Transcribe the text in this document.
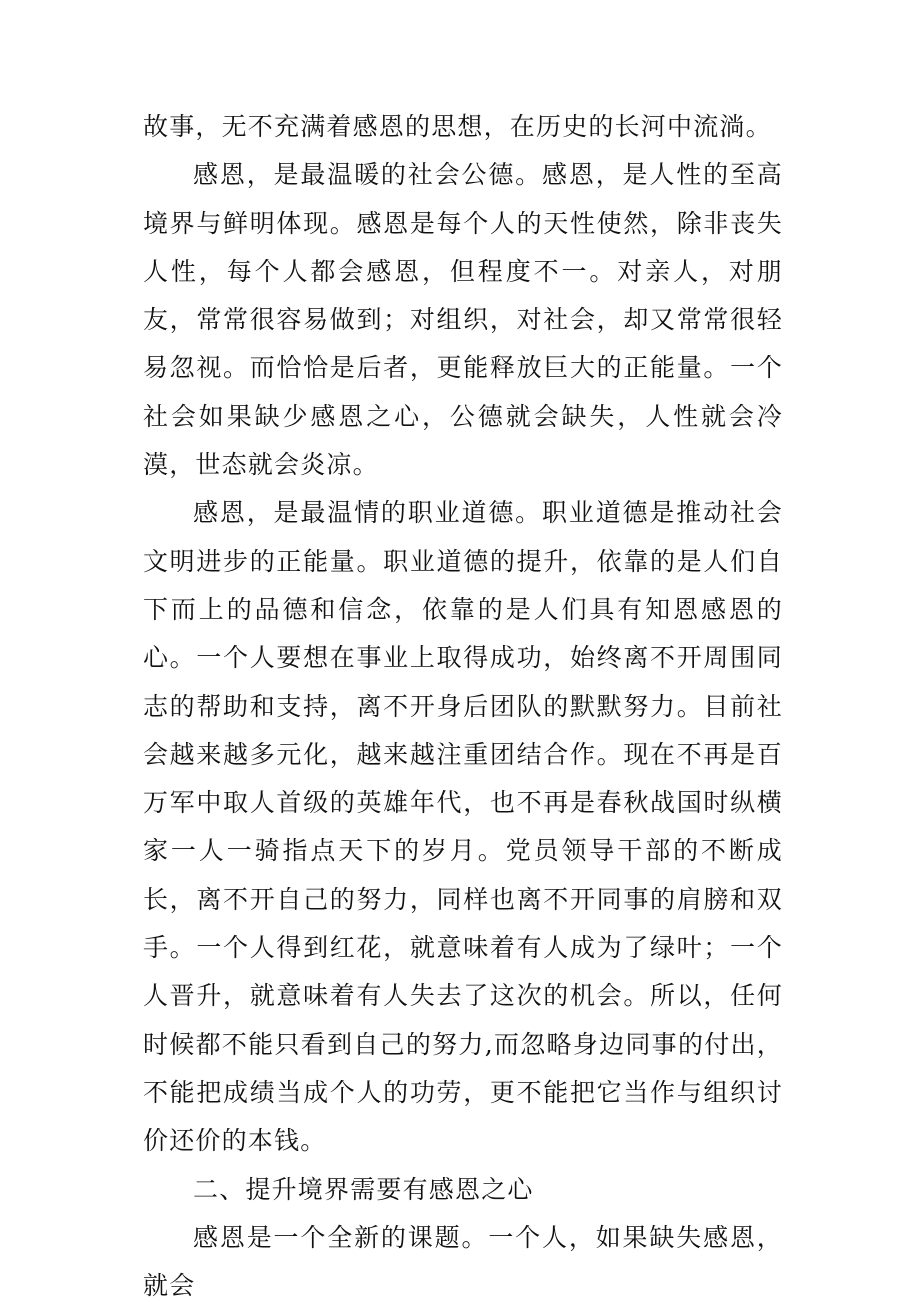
故事，无不充满着感恩的思想，在历史的长河中流淌。

感恩，是最温暖的社会公德。感恩，是人性的至高境界与鲜明体现。感恩是每个人的天性使然，除非丧失人性，每个人都会感恩，但程度不一。对亲人，对朋友，常常很容易做到；对组织，对社会，却又常常很轻易忽视。而恰恰是后者，更能释放巨大的正能量。一个社会如果缺少感恩之心，公德就会缺失，人性就会冷漠，世态就会炎凉。

感恩，是最温情的职业道德。职业道德是推动社会文明进步的正能量。职业道德的提升，依靠的是人们自下而上的品德和信念，依靠的是人们具有知恩感恩的心。一个人要想在事业上取得成功，始终离不开周围同志的帮助和支持，离不开身后团队的默默努力。目前社会越来越多元化，越来越注重团结合作。现在不再是百万军中取人首级的英雄年代，也不再是春秋战国时纵横家一人一骑指点天下的岁月。党员领导干部的不断成长，离不开自己的努力，同样也离不开同事的肩膀和双手。一个人得到红花，就意味着有人成为了绿叶；一个人晋升，就意味着有人失去了这次的机会。所以，任何时候都不能只看到自己的努力,而忽略身边同事的付出，不能把成绩当成个人的功劳，更不能把它当作与组织讨价还价的本钱。

二、提升境界需要有感恩之心

感恩是一个全新的课题。一个人，如果缺失感恩，就会
